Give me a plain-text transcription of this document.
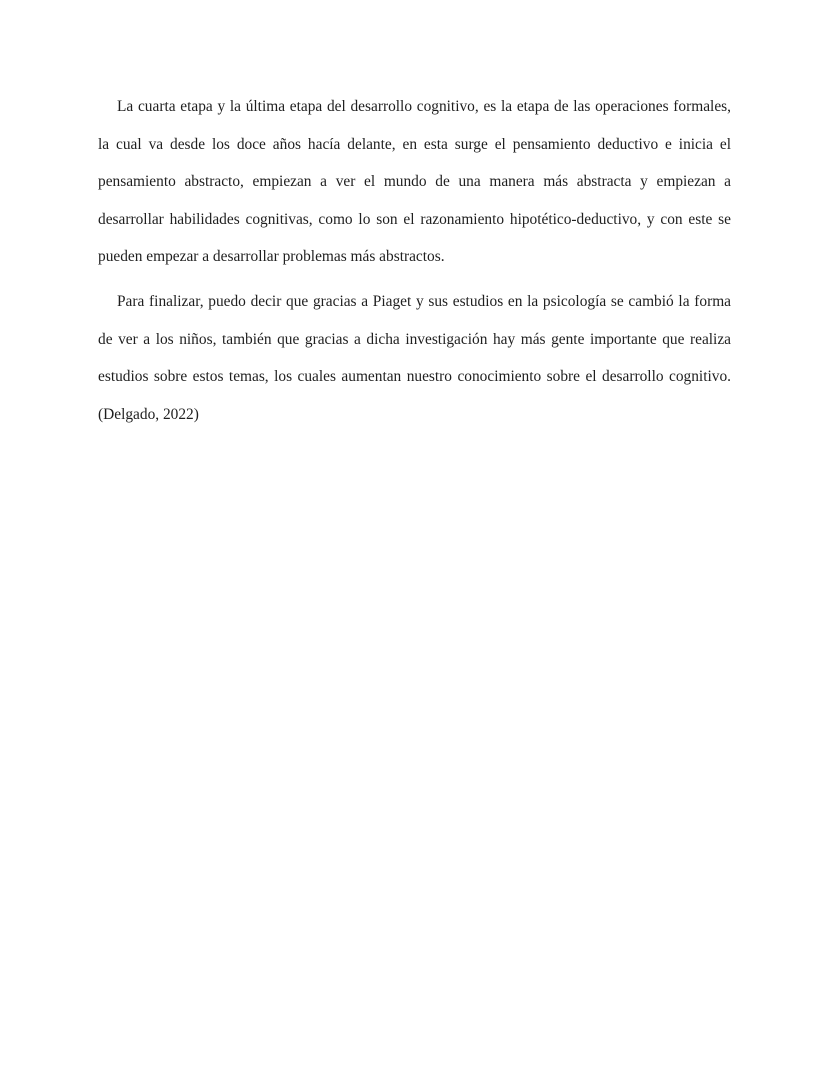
La cuarta etapa y la última etapa del desarrollo cognitivo, es la etapa de las operaciones formales, la cual va desde los doce años hacía delante, en esta surge el pensamiento deductivo e inicia el pensamiento abstracto, empiezan a ver el mundo de una manera más abstracta y empiezan a desarrollar habilidades cognitivas, como lo son el razonamiento hipotético-deductivo, y con este se pueden empezar a desarrollar problemas más abstractos.

Para finalizar, puedo decir que gracias a Piaget y sus estudios en la psicología se cambió la forma de ver a los niños, también que gracias a dicha investigación hay más gente importante que realiza estudios sobre estos temas, los cuales aumentan nuestro conocimiento sobre el desarrollo cognitivo. (Delgado, 2022)
